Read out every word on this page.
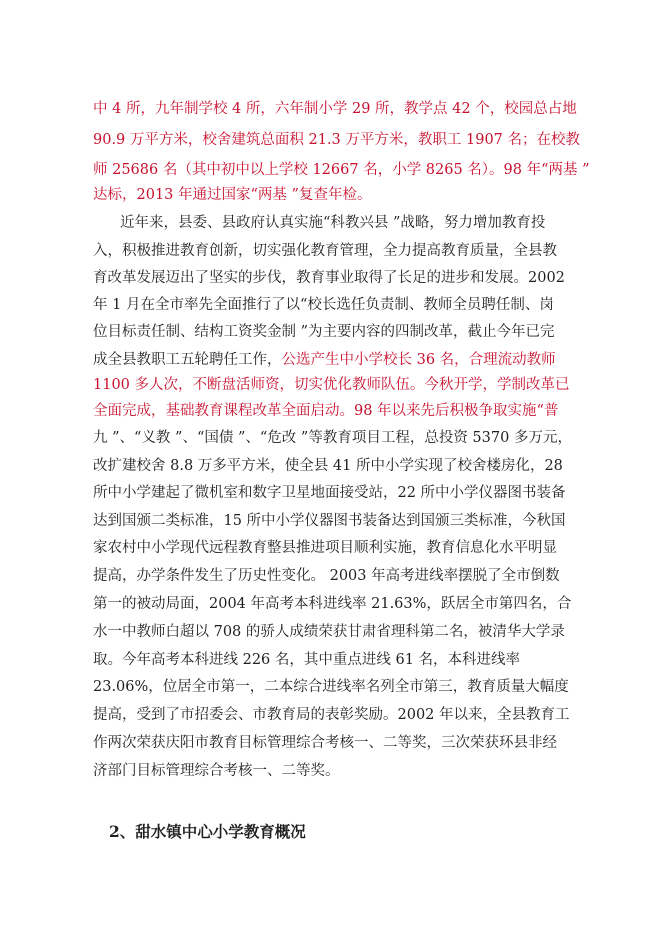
中 4 所，九年制学校 4 所，六年制小学 29 所，教学点 42 个，校园总占地

90.9 万平方米，校舍建筑总面积 21.3 万平方米，教职工 1907 名；在校教

师 25686 名（其中初中以上学校 12667 名，小学 8265 名）。98 年“两基 ”

达标，2013 年通过国家“两基 ”复查年检。

近年来，县委、县政府认真实施“科教兴县 ”战略，努力增加教育投

入，积极推进教育创新，切实强化教育管理，全力提高教育质量，全县教

育改革发展迈出了坚实的步伐，教育事业取得了长足的进步和发展。2002

年 1 月在全市率先全面推行了以“校长选任负责制、教师全员聘任制、岗

位目标责任制、结构工资奖金制 ”为主要内容的四制改革，截止今年已完

成全县教职工五轮聘任工作，公选产生中小学校长 36 名，合理流动教师

1100 多人次，不断盘活师资，切实优化教师队伍。今秋开学，学制改革已

全面完成，基础教育课程改革全面启动。98 年以来先后积极争取实施“普

九 ”、“义教 ”、“国债 ”、“危改 ”等教育项目工程，总投资 5370 多万元，

改扩建校舍 8.8 万多平方米，使全县 41 所中小学实现了校舍楼房化，28

所中小学建起了微机室和数字卫星地面接受站，22 所中小学仪器图书装备

达到国颁二类标准，15 所中小学仪器图书装备达到国颁三类标准，今秋国

家农村中小学现代远程教育整县推进项目顺利实施，教育信息化水平明显

提高，办学条件发生了历史性变化。 2003 年高考进线率摆脱了全市倒数

第一的被动局面，2004 年高考本科进线率 21.63%，跃居全市第四名，合

水一中教师白超以 708 的骄人成绩荣获甘肃省理科第二名，被清华大学录

取。今年高考本科进线 226 名，其中重点进线 61 名，本科进线率

23.06%，位居全市第一，二本综合进线率名列全市第三，教育质量大幅度

提高，受到了市招委会、市教育局的表彰奖励。2002 年以来，全县教育工

作两次荣获庆阳市教育目标管理综合考核一、二等奖，三次荣获环县非经

济部门目标管理综合考核一、二等奖。

2、甜水镇中心小学教育概况
